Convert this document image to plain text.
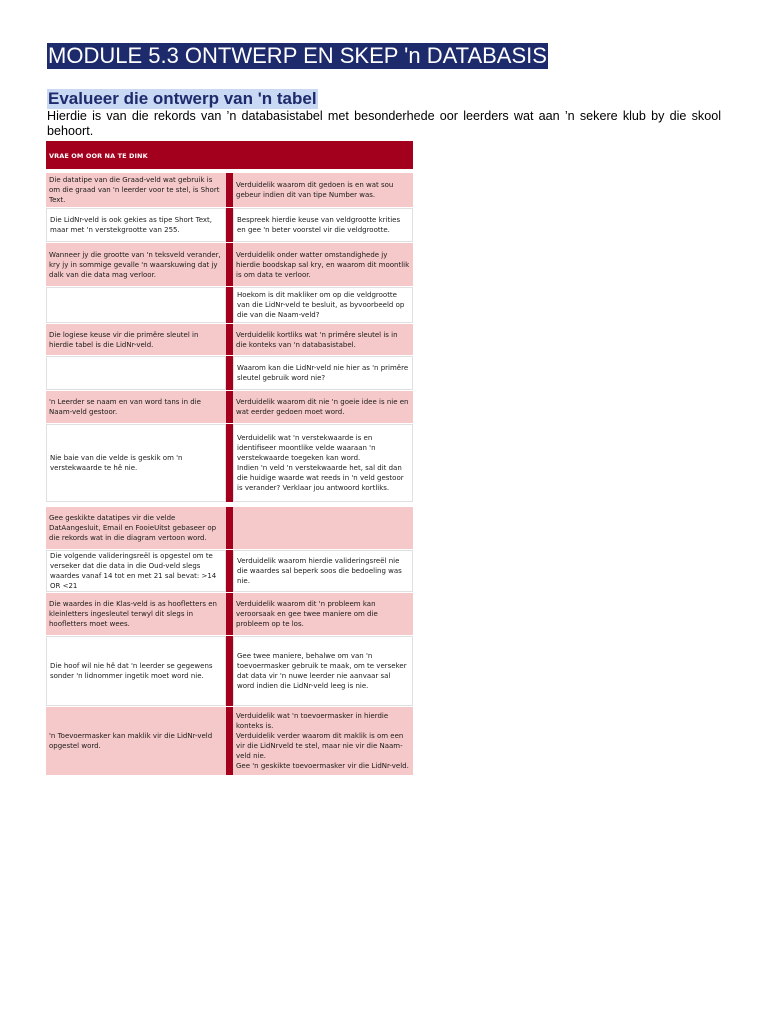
MODULE 5.3 ONTWERP EN SKEP 'n DATABASIS
Evalueer die ontwerp van 'n tabel
Hierdie is van die rekords van ’n databasistabel met besonderhede oor leerders wat aan ’n sekere klub by die skool behoort.
VRAE OM OOR NA TE DINK
Die datatipe van die Graad-veld wat gebruik is om die graad van 'n leerder voor te stel, is Short Text.
Verduidelik waarom dit gedoen is en wat sou gebeur indien dit van tipe Number was.
Die LidNr-veld is ook gekies as tipe Short Text, maar met 'n verstekgrootte van 255.
Bespreek hierdie keuse van veldgrootte krities en gee 'n beter voorstel vir die veldgrootte.
Wanneer jy die grootte van 'n teksveld verander, kry jy in sommige gevalle 'n waarskuwing dat jy dalk van die data mag verloor.
Verduidelik onder watter omstandighede jy hierdie boodskap sal kry, en waarom dit moontlik is om data te verloor.
Hoekom is dit makliker om op die veldgrootte van die LidNr-veld te besluit, as byvoorbeeld op die van die Naam-veld?
Die logiese keuse vir die primêre sleutel in hierdie tabel is die LidNr-veld.
Verduidelik kortliks wat 'n primêre sleutel is in die konteks van 'n databasistabel.
Waarom kan die LidNr-veld nie hier as 'n primêre sleutel gebruik word nie?
'n Leerder se naam en van word tans in die Naam-veld gestoor.
Verduidelik waarom dit nie 'n goeie idee is nie en wat eerder gedoen moet word.
Nie baie van die velde is geskik om 'n verstekwaarde te hê nie.
Verduidelik wat 'n verstekwaarde is en identifiseer moontlike velde waaraan 'n verstekwaarde toegeken kan word.
Indien 'n veld 'n verstekwaarde het, sal dit dan die huidige waarde wat reeds in 'n veld gestoor is verander? Verklaar jou antwoord kortliks.
Gee geskikte datatipes vir die velde DatAangesluit, Email en FooieUitst gebaseer op die rekords wat in die diagram vertoon word.
Die volgende valideringsreël is opgestel om te verseker dat die data in die Oud-veld slegs waardes vanaf 14 tot en met 21 sal bevat: >14 OR <21
Verduidelik waarom hierdie valideringsreël nie die waardes sal beperk soos die bedoeling was nie.
Die waardes in die Klas-veld is as hoofletters en kleinletters ingesleutel terwyl dit slegs in hoofletters moet wees.
Verduidelik waarom dit 'n probleem kan veroorsaak en gee twee maniere om die probleem op te los.
Die hoof wil nie hê dat 'n leerder se gegewens sonder 'n lidnommer ingetik moet word nie.
Gee twee maniere, behalwe om van 'n toevoermasker gebruik te maak, om te verseker dat data vir 'n nuwe leerder nie aanvaar sal word indien die LidNr-veld leeg is nie.
'n Toevoermasker kan maklik vir die LidNr-veld opgestel word.
Verduidelik wat 'n toevoermasker in hierdie konteks is.
Verduidelik verder waarom dit maklik is om een vir die LidNrveld te stel, maar nie vir die Naam-veld nie.
Gee 'n geskikte toevoermasker vir die LidNr-veld.
